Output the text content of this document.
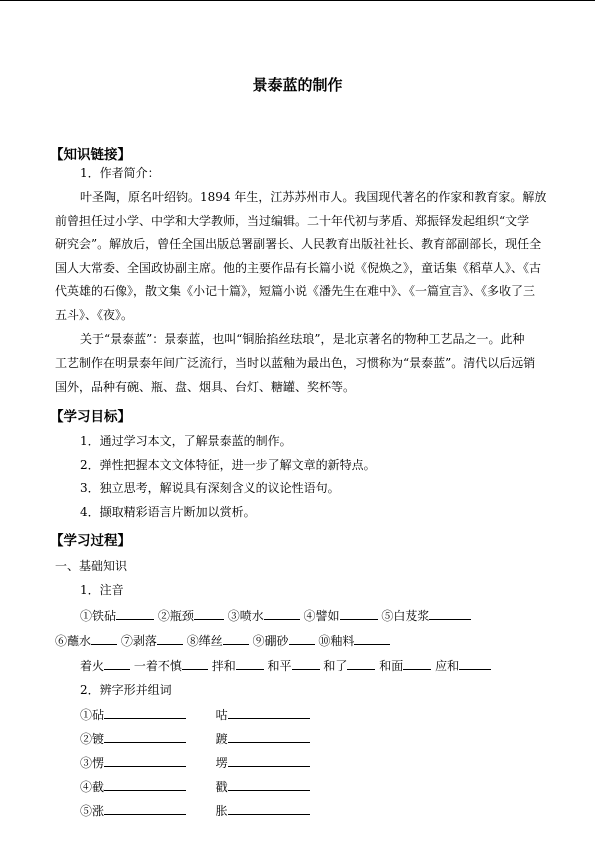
景泰蓝的制作
【知识链接】
1．作者简介：
叶圣陶，原名叶绍钧。1894 年生，江苏苏州市人。我国现代著名的作家和教育家。解放
前曾担任过小学、中学和大学教师，当过编辑。二十年代初与茅盾、郑振铎发起组织“文学
研究会”。解放后，曾任全国出版总署副署长、人民教育出版社社长、教育部副部长，现任全
国人大常委、全国政协副主席。他的主要作品有长篇小说《倪焕之》，童话集《稻草人》、《古
代英雄的石像》，散文集《小记十篇》，短篇小说《潘先生在难中》、《一篇宣言》、《多收了三
五斗》、《夜》。
关于“景泰蓝”：景泰蓝，也叫“铜胎掐丝珐琅”，是北京著名的物种工艺品之一。此种
工艺制作在明景泰年间广泛流行，当时以蓝釉为最出色，习惯称为“景泰蓝”。清代以后远销
国外，品种有碗、瓶、盘、烟具、台灯、糖罐、奖杯等。
【学习目标】
1．通过学习本文，了解景泰蓝的制作。
2．弹性把握本文文体特征，进一步了解文章的新特点。
3．独立思考，解说具有深刻含义的议论性语句。
4．撷取精彩语言片断加以赏析。
【学习过程】
一、基础知识
1．注音
①铁砧	②瓶颈	③喷水	④譬如	⑤白芨浆
⑥蘸水 ⑦剥落 ⑧缂丝 ⑨硼砂 ⑩釉料
着火 一着不慎 拌和	和平	和了	和面	应和
2．辨字形并组词
①砧	咕
②镀	踱
③愣	塄
④截	戳
⑤涨	胀
